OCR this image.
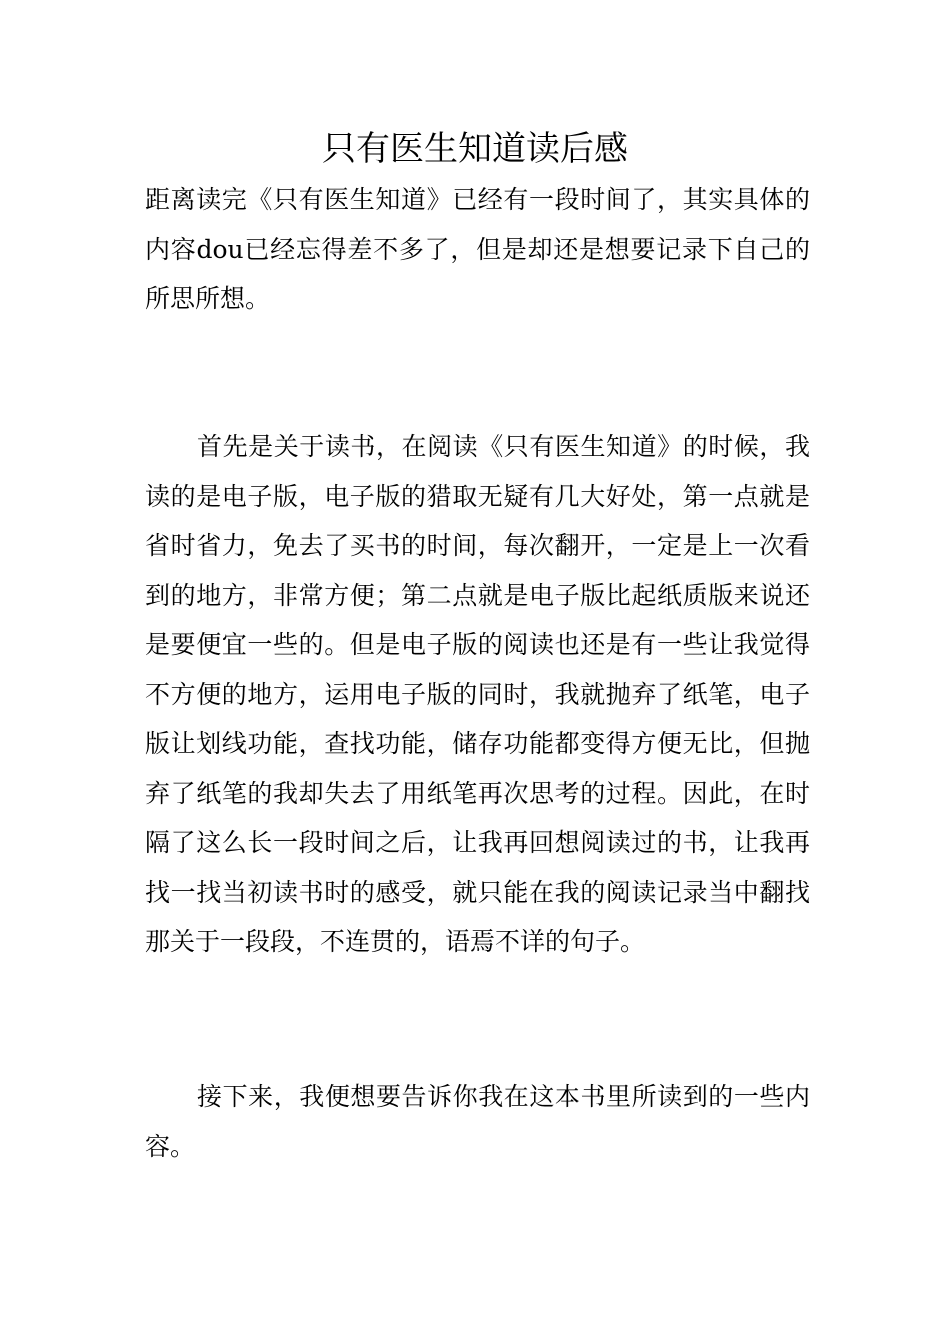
只有医生知道读后感

距离读完《只有医生知道》已经有一段时间了，其实具体的内容dou已经忘得差不多了，但是却还是想要记录下自己的所思所想。

首先是关于读书，在阅读《只有医生知道》的时候，我读的是电子版，电子版的猎取无疑有几大好处，第一点就是省时省力，免去了买书的时间，每次翻开，一定是上一次看到的地方，非常方便；第二点就是电子版比起纸质版来说还是要便宜一些的。但是电子版的阅读也还是有一些让我觉得不方便的地方，运用电子版的同时，我就抛弃了纸笔，电子版让划线功能，查找功能，储存功能都变得方便无比，但抛弃了纸笔的我却失去了用纸笔再次思考的过程。因此，在时隔了这么长一段时间之后，让我再回想阅读过的书，让我再找一找当初读书时的感受，就只能在我的阅读记录当中翻找那关于一段段，不连贯的，语焉不详的句子。

接下来，我便想要告诉你我在这本书里所读到的一些内容。
